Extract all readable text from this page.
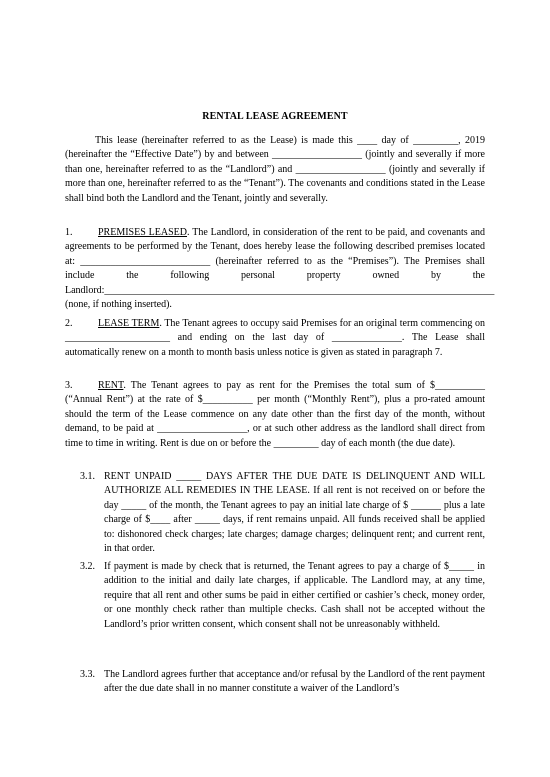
RENTAL LEASE AGREEMENT
This lease (hereinafter referred to as the Lease) is made this ____ day of _________, 2019 (hereinafter the “Effective Date”) by and between __________________ (jointly and severally if more than one, hereinafter referred to as the “Landlord”) and __________________ (jointly and severally if more than one, hereinafter referred to as the “Tenant”). The covenants and conditions stated in the Lease shall bind both the Landlord and the Tenant, jointly and severally.
1.	PREMISES LEASED. The Landlord, in consideration of the rent to be paid, and covenants and agreements to be performed by the Tenant, does hereby lease the following described premises located at: __________________________ (hereinafter referred to as the “Premises”). The Premises shall include the following personal property owned by the Landlord:______________________________________________________________________________ (none, if nothing inserted).
2.	LEASE TERM. The Tenant agrees to occupy said Premises for an original term commencing on _____________________ and ending on the last day of ______________. The Lease shall automatically renew on a month to month basis unless notice is given as stated in paragraph 7.
3.	RENT. The Tenant agrees to pay as rent for the Premises the total sum of $__________ (“Annual Rent”) at the rate of $__________ per month (“Monthly Rent”), plus a pro-rated amount should the term of the Lease commence on any date other than the first day of the month, without demand, to be paid at __________________, or at such other address as the landlord shall direct from time to time in writing. Rent is due on or before the _________ day of each month (the due date).
3.1. RENT UNPAID _____ DAYS AFTER THE DUE DATE IS DELINQUENT AND WILL AUTHORIZE ALL REMEDIES IN THE LEASE. If all rent is not received on or before the day _____ of the month, the Tenant agrees to pay an initial late charge of $ ______ plus a late charge of $____ after _____ days, if rent remains unpaid. All funds received shall be applied to: dishonored check charges; late charges; damage charges; delinquent rent; and current rent, in that order.
3.2. If payment is made by check that is returned, the Tenant agrees to pay a charge of $_____ in addition to the initial and daily late charges, if applicable. The Landlord may, at any time, require that all rent and other sums be paid in either certified or cashier’s check, money order, or one monthly check rather than multiple checks. Cash shall not be accepted without the Landlord’s prior written consent, which consent shall not be unreasonably withheld.
3.3. The Landlord agrees further that acceptance and/or refusal by the Landlord of the rent payment after the due date shall in no manner constitute a waiver of the Landlord’s
